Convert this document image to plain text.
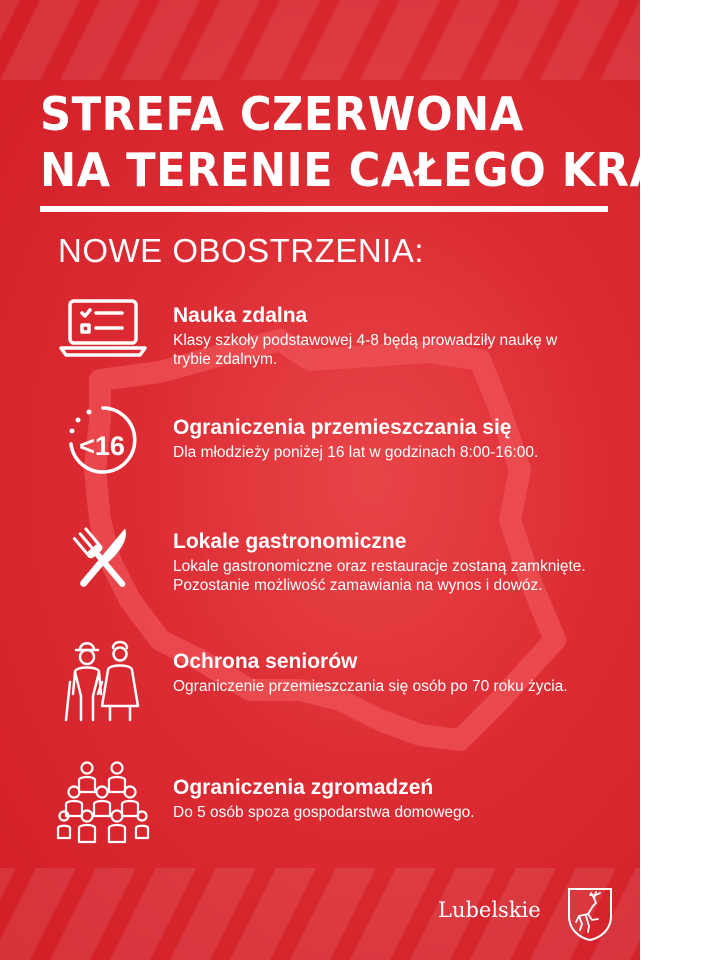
STREFA CZERWONA
NA TERENIE CAŁEGO KRAJU
NOWE OBOSTRZENIA:
Nauka zdalna

Klasy szkoły podstawowej 4-8 będą prowadziły naukę w trybie zdalnym.

<16
Ograniczenia przemieszczania się

Dla młodzieży poniżej 16 lat w godzinach 8:00-16:00.

Lokale gastronomiczne

Lokale gastronomiczne oraz restauracje zostaną zamknięte. Pozostanie możliwość zamawiania na wynos i dowóz.

Ochrona seniorów

Ograniczenie przemieszczania się osób po 70 roku życia.

Ograniczenia zgromadzeń

Do 5 osób spoza gospodarstwa domowego.

Lubelskie
